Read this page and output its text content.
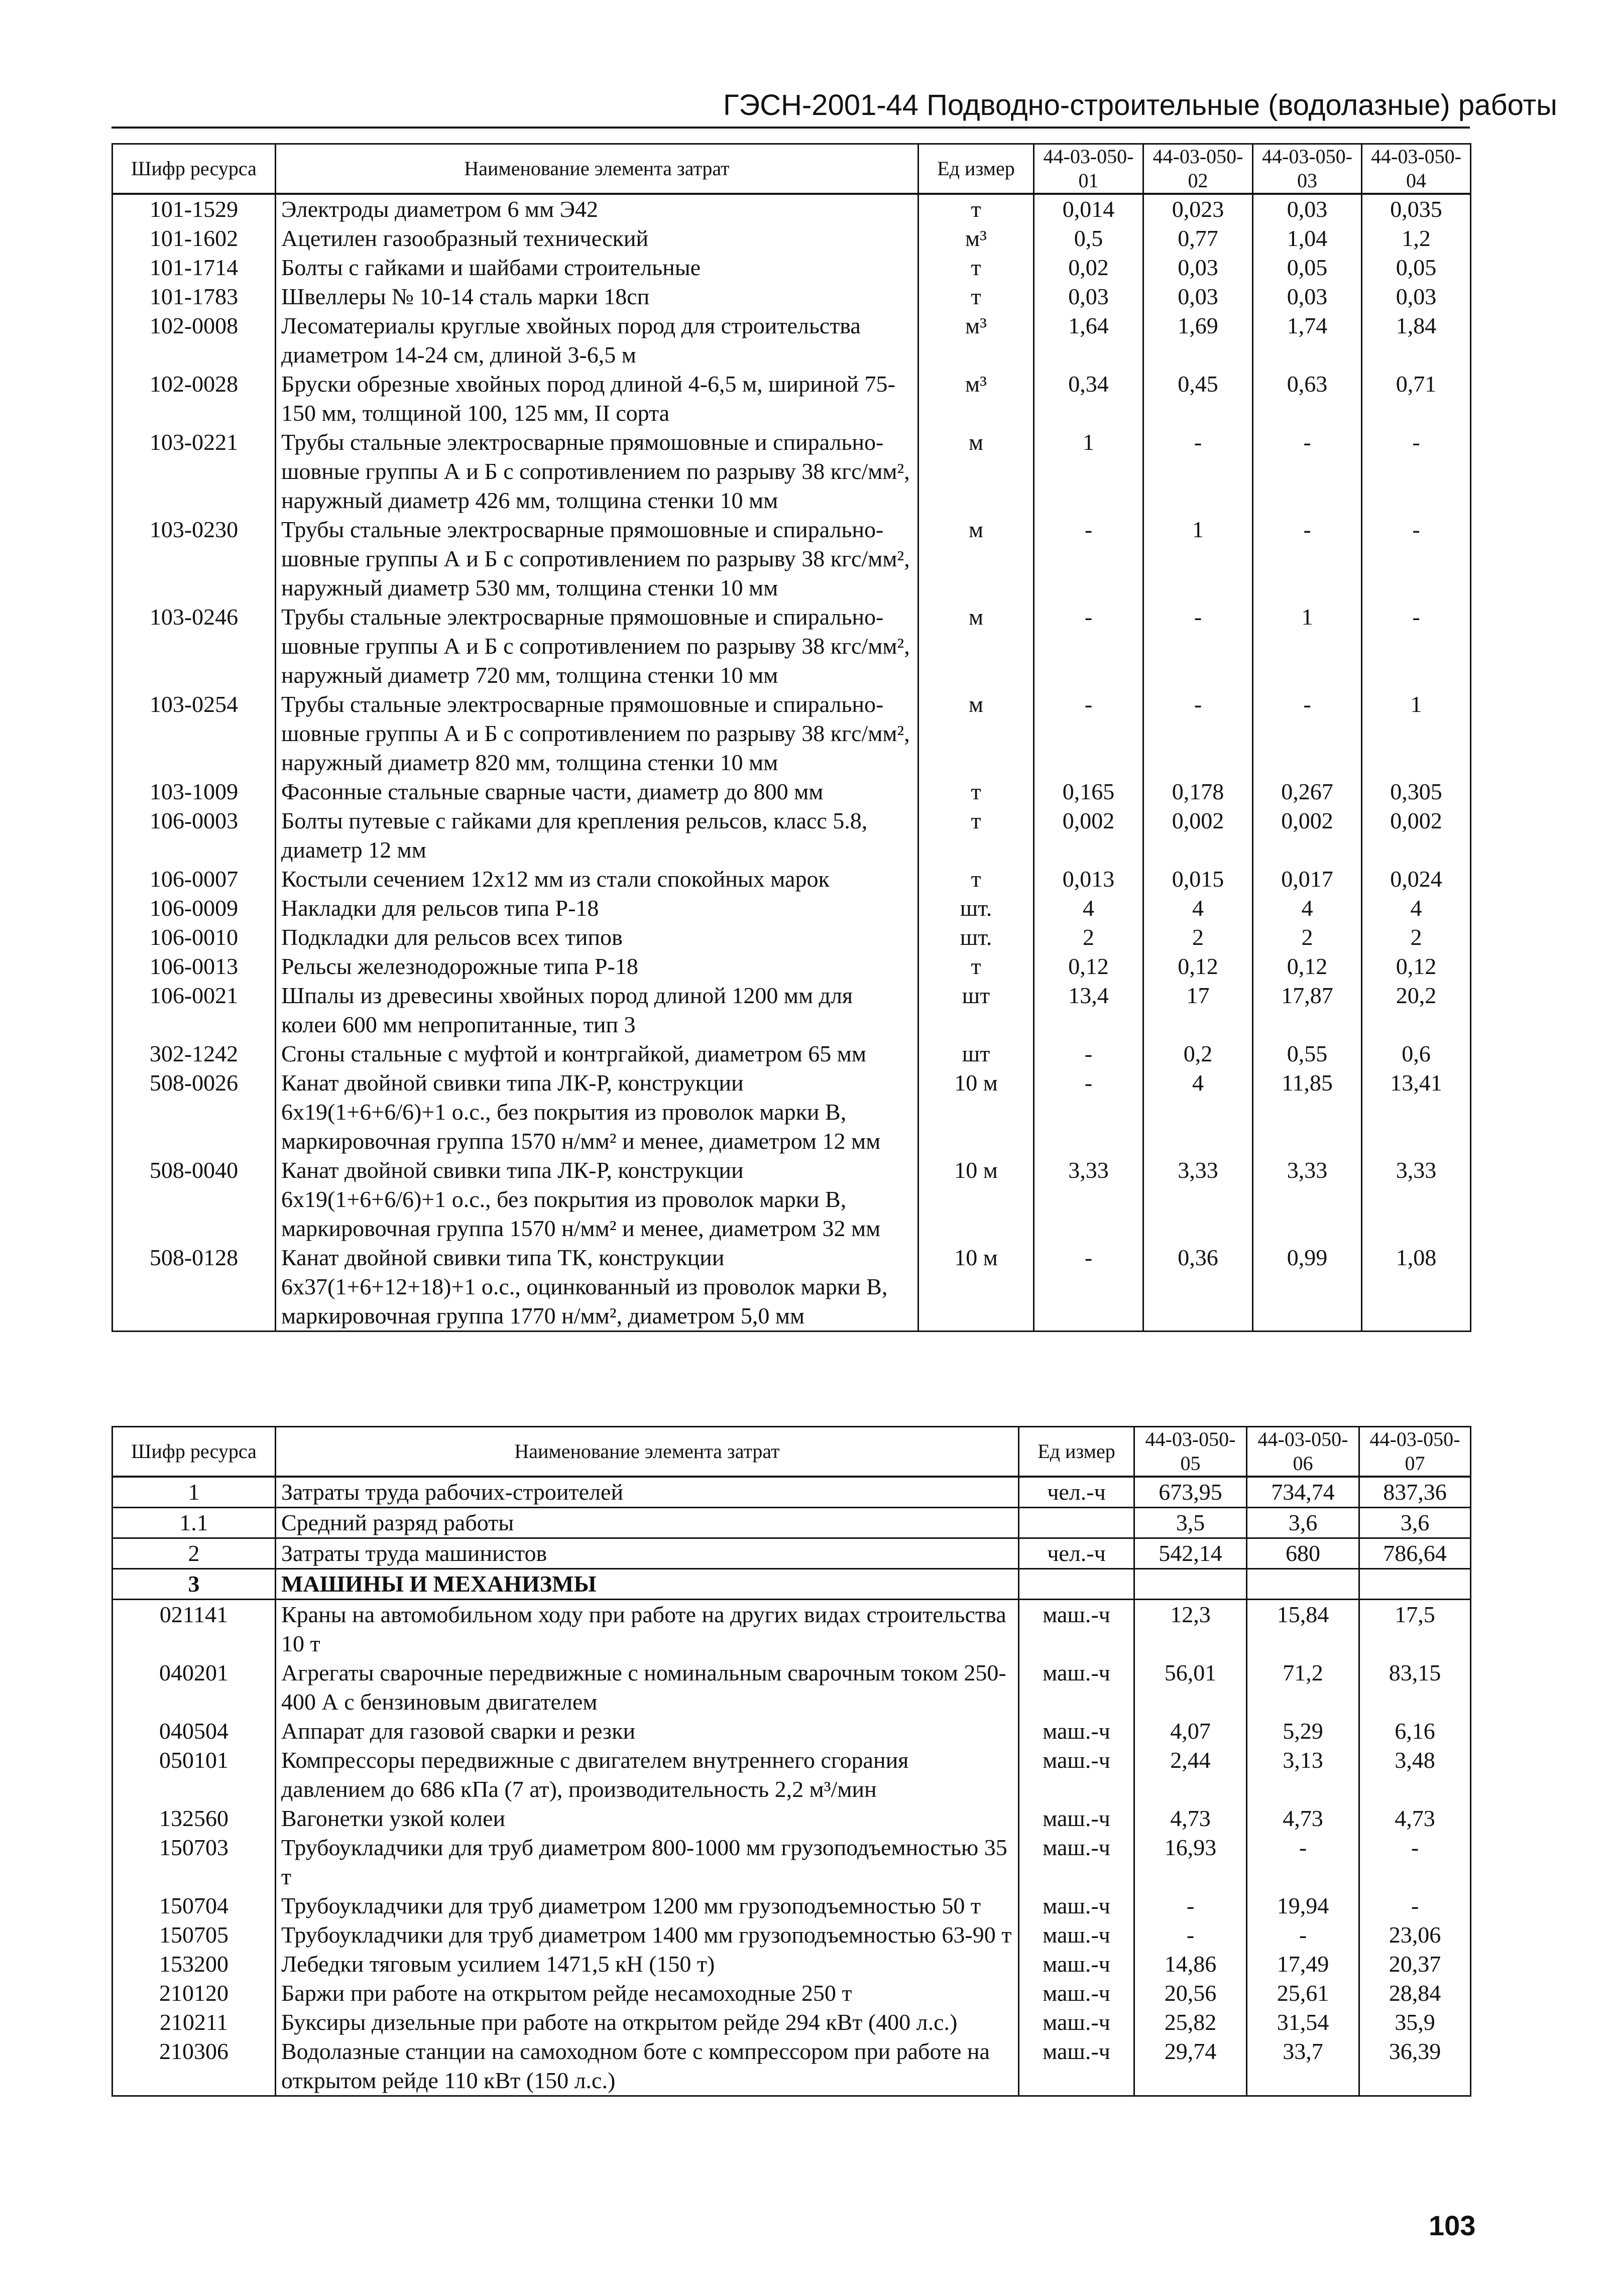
ГЭСН-2001-44 Подводно-строительные (водолазные) работы
Шифр ресурса	Наименование элемента затрат	Ед измер	44-03-050-01	44-03-050-02	44-03-050-03	44-03-050-04
101-1529	Электроды диаметром 6 мм Э42	т	0,014	0,023	0,03	0,035
101-1602	Ацетилен газообразный технический	м³	0,5	0,77	1,04	1,2
101-1714	Болты с гайками и шайбами строительные	т	0,02	0,03	0,05	0,05
101-1783	Швеллеры № 10-14 сталь марки 18сп	т	0,03	0,03	0,03	0,03
102-0008	Лесоматериалы круглые хвойных пород для строительства диаметром 14-24 см, длиной 3-6,5 м	м³	1,64	1,69	1,74	1,84
102-0028	Бруски обрезные хвойных пород длиной 4-6,5 м, шириной 75-150 мм, толщиной 100, 125 мм, II сорта	м³	0,34	0,45	0,63	0,71
103-0221	Трубы стальные электросварные прямошовные и спирально-шовные группы А и Б с сопротивлением по разрыву 38 кгс/мм², наружный диаметр 426 мм, толщина стенки 10 мм	м	1	-	-	-
103-0230	Трубы стальные электросварные прямошовные и спирально-шовные группы А и Б с сопротивлением по разрыву 38 кгс/мм², наружный диаметр 530 мм, толщина стенки 10 мм	м	-	1	-	-
103-0246	Трубы стальные электросварные прямошовные и спирально-шовные группы А и Б с сопротивлением по разрыву 38 кгс/мм², наружный диаметр 720 мм, толщина стенки 10 мм	м	-	-	1	-
103-0254	Трубы стальные электросварные прямошовные и спирально-шовные группы А и Б с сопротивлением по разрыву 38 кгс/мм², наружный диаметр 820 мм, толщина стенки 10 мм	м	-	-	-	1
103-1009	Фасонные стальные сварные части, диаметр до 800 мм	т	0,165	0,178	0,267	0,305
106-0003	Болты путевые с гайками для крепления рельсов, класс 5.8, диаметр 12 мм	т	0,002	0,002	0,002	0,002
106-0007	Костыли сечением 12x12 мм из стали спокойных марок	т	0,013	0,015	0,017	0,024
106-0009	Накладки для рельсов типа Р-18	шт.	4	4	4	4
106-0010	Подкладки для рельсов всех типов	шт.	2	2	2	2
106-0013	Рельсы железнодорожные типа Р-18	т	0,12	0,12	0,12	0,12
106-0021	Шпалы из древесины хвойных пород длиной 1200 мм для колеи 600 мм непропитанные, тип 3	шт	13,4	17	17,87	20,2
302-1242	Сгоны стальные с муфтой и контргайкой, диаметром 65 мм	шт	-	0,2	0,55	0,6
508-0026	Канат двойной свивки типа ЛК-Р, конструкции 6x19(1+6+6/6)+1 о.с., без покрытия из проволок марки В, маркировочная группа 1570 н/мм² и менее, диаметром 12 мм	10 м	-	4	11,85	13,41
508-0040	Канат двойной свивки типа ЛК-Р, конструкции 6x19(1+6+6/6)+1 о.с., без покрытия из проволок марки В, маркировочная группа 1570 н/мм² и менее, диаметром 32 мм	10 м	3,33	3,33	3,33	3,33
508-0128	Канат двойной свивки типа ТК, конструкции 6x37(1+6+12+18)+1 о.с., оцинкованный из проволок марки В, маркировочная группа 1770 н/мм², диаметром 5,0 мм	10 м	-	0,36	0,99	1,08
Шифр ресурса	Наименование элемента затрат	Ед измер	44-03-050-05	44-03-050-06	44-03-050-07
1	Затраты труда рабочих-строителей	чел.-ч	673,95	734,74	837,36
1.1	Средний разряд работы		3,5	3,6	3,6
2	Затраты труда машинистов	чел.-ч	542,14	680	786,64
3	МАШИНЫ И МЕХАНИЗМЫ				
021141	Краны на автомобильном ходу при работе на других видах строительства 10 т	маш.-ч	12,3	15,84	17,5
040201	Агрегаты сварочные передвижные с номинальным сварочным током 250-400 А с бензиновым двигателем	маш.-ч	56,01	71,2	83,15
040504	Аппарат для газовой сварки и резки	маш.-ч	4,07	5,29	6,16
050101	Компрессоры передвижные с двигателем внутреннего сгорания давлением до 686 кПа (7 ат), производительность 2,2 м³/мин	маш.-ч	2,44	3,13	3,48
132560	Вагонетки узкой колеи	маш.-ч	4,73	4,73	4,73
150703	Трубоукладчики для труб диаметром 800-1000 мм грузоподъемностью 35 т	маш.-ч	16,93	-	-
150704	Трубоукладчики для труб диаметром 1200 мм грузоподъемностью 50 т	маш.-ч	-	19,94	-
150705	Трубоукладчики для труб диаметром 1400 мм грузоподъемностью 63-90 т	маш.-ч	-	-	23,06
153200	Лебедки тяговым усилием 1471,5 кН (150 т)	маш.-ч	14,86	17,49	20,37
210120	Баржи при работе на открытом рейде несамоходные 250 т	маш.-ч	20,56	25,61	28,84
210211	Буксиры дизельные при работе на открытом рейде 294 кВт (400 л.с.)	маш.-ч	25,82	31,54	35,9
210306	Водолазные станции на самоходном боте с компрессором при работе на открытом рейде 110 кВт (150 л.с.)	маш.-ч	29,74	33,7	36,39
103
